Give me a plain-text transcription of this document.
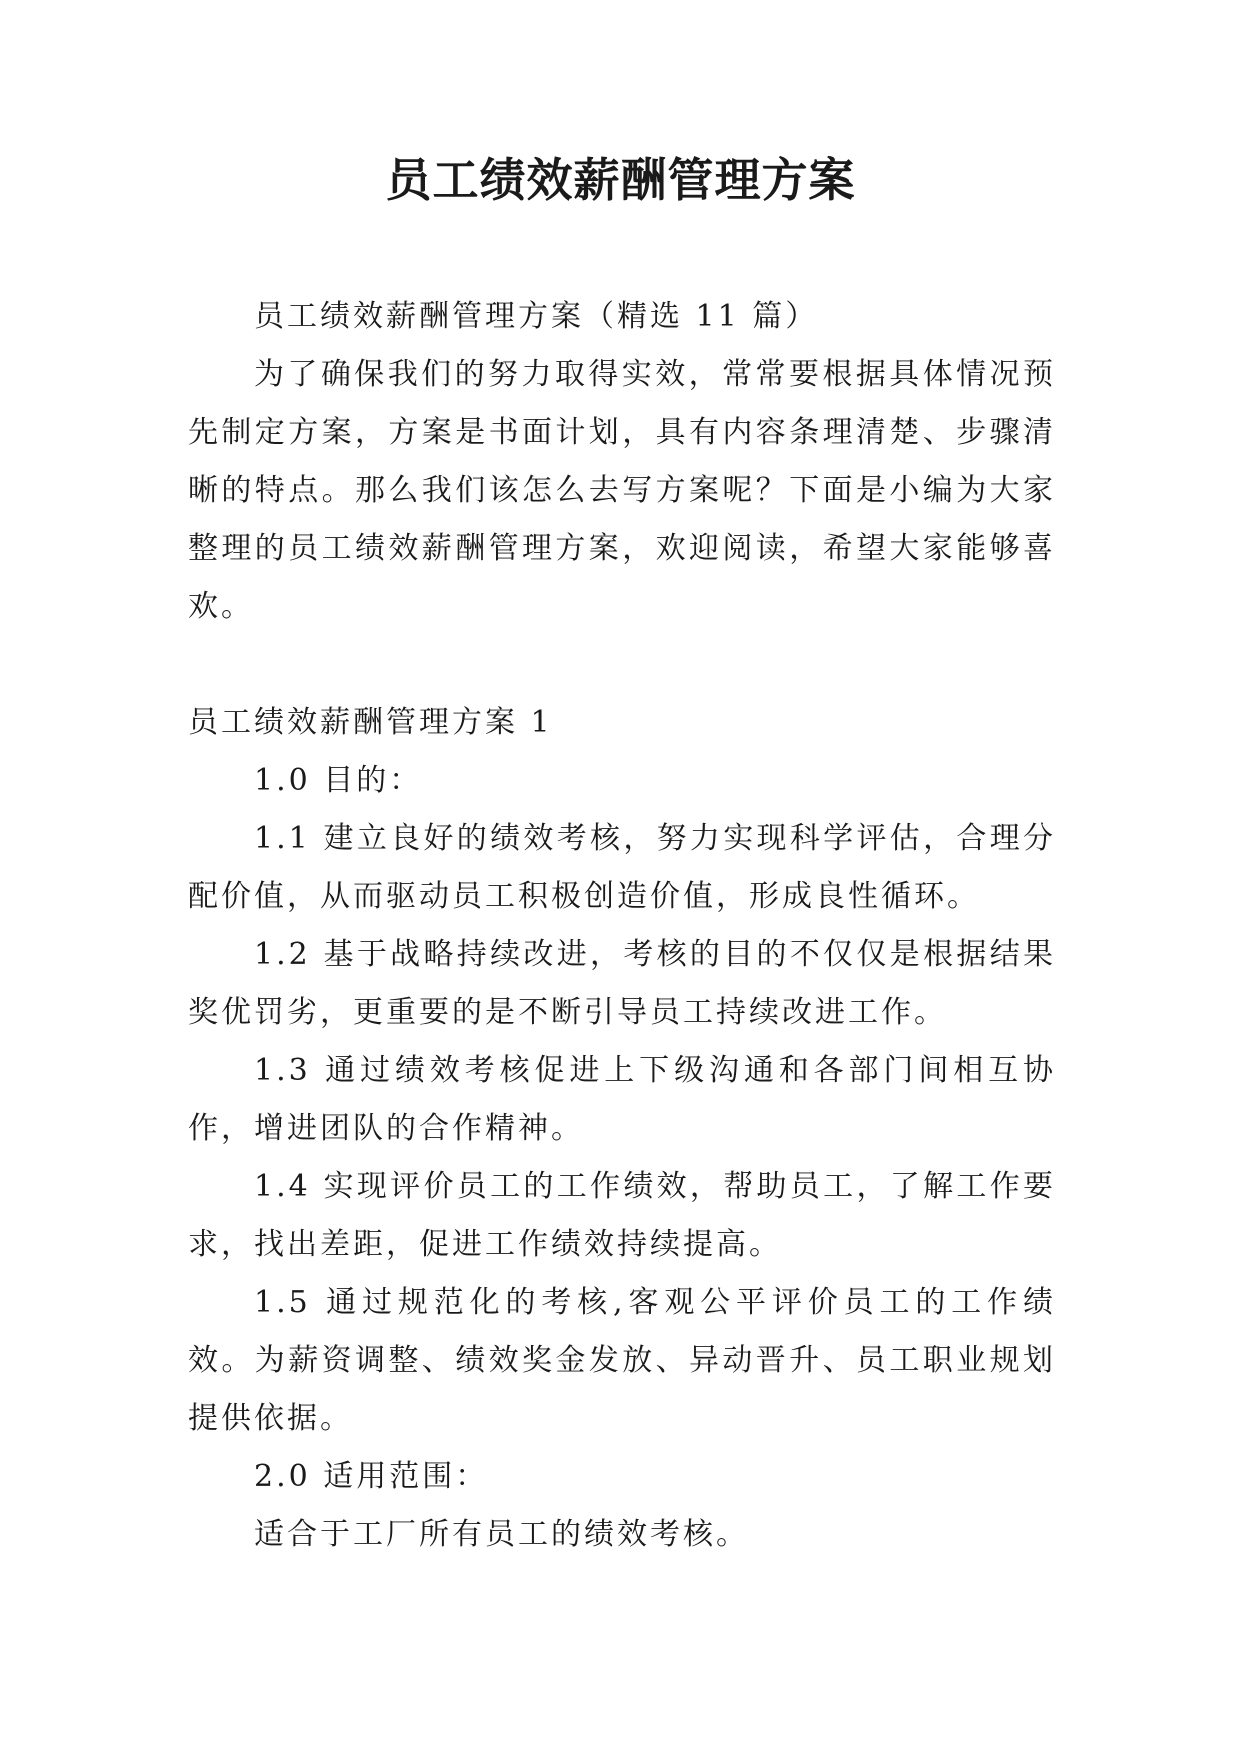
员工绩效薪酬管理方案

员工绩效薪酬管理方案（精选 11 篇）

为了确保我们的努力取得实效，常常要根据具体情况预先制定方案，方案是书面计划，具有内容条理清楚、步骤清晰的特点。那么我们该怎么去写方案呢？下面是小编为大家整理的员工绩效薪酬管理方案，欢迎阅读，希望大家能够喜欢。

员工绩效薪酬管理方案 1

1.0 目的：

1.1 建立良好的绩效考核，努力实现科学评估，合理分配价值，从而驱动员工积极创造价值，形成良性循环。

1.2 基于战略持续改进，考核的目的不仅仅是根据结果奖优罚劣，更重要的是不断引导员工持续改进工作。

1.3 通过绩效考核促进上下级沟通和各部门间相互协作，增进团队的合作精神。

1.4 实现评价员工的工作绩效，帮助员工，了解工作要求，找出差距，促进工作绩效持续提高。

1.5 通过规范化的考核,客观公平评价员工的工作绩效。为薪资调整、绩效奖金发放、异动晋升、员工职业规划提供依据。

2.0 适用范围：

适合于工厂所有员工的绩效考核。
